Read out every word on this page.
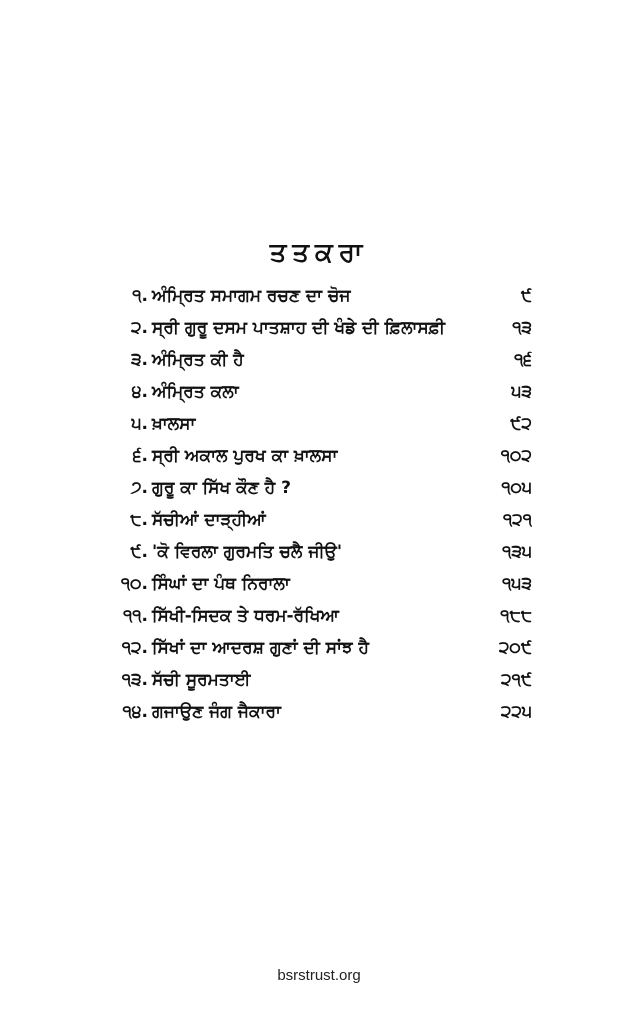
ਤਤਕਰਾ
੧. ਅੰਮ੍ਰਿਤ ਸਮਾਗਮ ਰਚਣ ਦਾ ਚੋਜ	੯
੨. ਸ੍ਰੀ ਗੁਰੂ ਦਸਮ ਪਾਤਸ਼ਾਹ ਦੀ ਖੰਡੇ ਦੀ ਫ਼ਿਲਾਸਫ਼ੀ	੧੩
੩. ਅੰਮ੍ਰਿਤ ਕੀ ਹੈ	੧੬
੪. ਅੰਮ੍ਰਿਤ ਕਲਾ	੫੩
੫. ਖ਼ਾਲਸਾ	੯੨
੬. ਸ੍ਰੀ ਅਕਾਲ ਪੁਰਖ ਕਾ ਖ਼ਾਲਸਾ	੧੦੨
੭. ਗੁਰੂ ਕਾ ਸਿੱਖ ਕੌਣ ਹੈ ?	੧੦੫
੮. ਸੱਚੀਆਂ ਦਾੜ੍ਹੀਆਂ	੧੨੧
੯. 'ਕੋ ਵਿਰਲਾ ਗੁਰਮਤਿ ਚਲੈ ਜੀਉ'	੧੩੫
੧੦. ਸਿੰਘਾਂ ਦਾ ਪੰਥ ਨਿਰਾਲਾ	੧੫੩
੧੧. ਸਿੱਖੀ-ਸਿਦਕ ਤੇ ਧਰਮ-ਰੱਖਿਆ	੧੮੮
੧੨. ਸਿੱਖਾਂ ਦਾ ਆਦਰਸ਼ ਗੁਣਾਂ ਦੀ ਸਾਂਝ ਹੈ	੨੦੯
੧੩. ਸੱਚੀ ਸੂਰਮਤਾਈ	੨੧੯
੧੪. ਗਜਾਉਣ ਜੰਗ ਜੈਕਾਰਾ	੨੨੫
bsrstrust.org
